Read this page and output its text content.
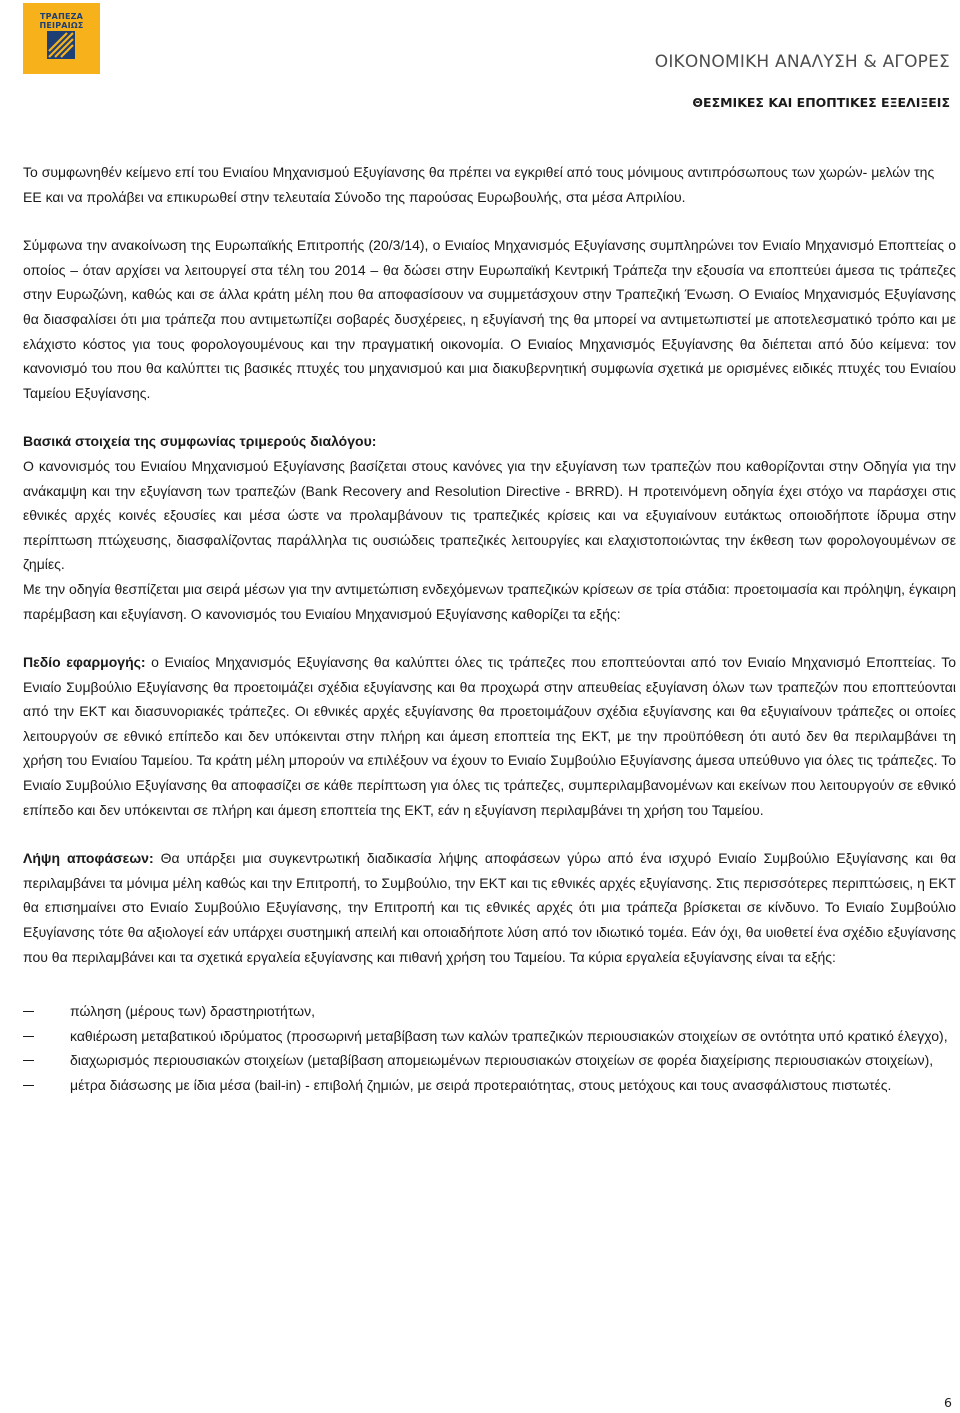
ΤΡΑΠΕΖΑ ΠΕΙΡΑΙΩΣ
ΟΙΚΟΝΟΜΙΚΗ ΑΝΑΛΥΣΗ & ΑΓΟΡΕΣ
ΘΕΣΜΙΚΕΣ ΚΑΙ ΕΠΟΠΤΙΚΕΣ ΕΞΕΛΙΞΕΙΣ

Το συμφωνηθέν κείμενο επί του Ενιαίου Μηχανισμού Εξυγίανσης θα πρέπει να εγκριθεί από τους μόνιμους αντιπρόσωπους των χωρών- μελών της ΕΕ και να προλάβει να επικυρωθεί στην τελευταία Σύνοδο της παρούσας Ευρωβουλής, στα μέσα Απριλίου.

Σύμφωνα την ανακοίνωση της Ευρωπαϊκής Επιτροπής (20/3/14), ο Ενιαίος Μηχανισμός Εξυγίανσης συμπληρώνει τον Ενιαίο Μηχανισμό Εποπτείας ο οποίος – όταν αρχίσει να λειτουργεί στα τέλη του 2014 – θα δώσει στην Ευρωπαϊκή Κεντρική Τράπεζα την εξουσία να εποπτεύει άμεσα τις τράπεζες στην Ευρωζώνη, καθώς και σε άλλα κράτη μέλη που θα αποφασίσουν να συμμετάσχουν στην Τραπεζική Ένωση. Ο Ενιαίος Μηχανισμός Εξυγίανσης θα διασφαλίσει ότι μια τράπεζα που αντιμετωπίζει σοβαρές δυσχέρειες, η εξυγίανσή της θα μπορεί να αντιμετωπιστεί με αποτελεσματικό τρόπο και με ελάχιστο κόστος για τους φορολογουμένους και την πραγματική οικονομία. Ο Ενιαίος Μηχανισμός Εξυγίανσης θα διέπεται από δύο κείμενα: τον κανονισμό του που θα καλύπτει τις βασικές πτυχές του μηχανισμού και μια διακυβερνητική συμφωνία σχετικά με ορισμένες ειδικές πτυχές του Ενιαίου Ταμείου Εξυγίανσης.

Βασικά στοιχεία της συμφωνίας τριμερούς διαλόγου:

Ο κανονισμός του Ενιαίου Μηχανισμού Εξυγίανσης βασίζεται στους κανόνες για την εξυγίανση των τραπεζών που καθορίζονται στην Οδηγία για την ανάκαμψη και την εξυγίανση των τραπεζών (Bank Recovery and Resolution Directive - BRRD). Η προτεινόμενη οδηγία έχει στόχο να παράσχει στις εθνικές αρχές κοινές εξουσίες και μέσα ώστε να προλαμβάνουν τις τραπεζικές κρίσεις και να εξυγιαίνουν ευτάκτως οποιοδήποτε ίδρυμα στην περίπτωση πτώχευσης, διασφαλίζοντας παράλληλα τις ουσιώδεις τραπεζικές λειτουργίες και ελαχιστοποιώντας την έκθεση των φορολογουμένων σε ζημίες.

Με την οδηγία θεσπίζεται μια σειρά μέσων για την αντιμετώπιση ενδεχόμενων τραπεζικών κρίσεων σε τρία στάδια: προετοιμασία και πρόληψη, έγκαιρη παρέμβαση και εξυγίανση. Ο κανονισμός του Ενιαίου Μηχανισμού Εξυγίανσης καθορίζει τα εξής:

Πεδίο εφαρμογής: ο Ενιαίος Μηχανισμός Εξυγίανσης θα καλύπτει όλες τις τράπεζες που εποπτεύονται από τον Ενιαίο Μηχανισμό Εποπτείας. Το Ενιαίο Συμβούλιο Εξυγίανσης θα προετοιμάζει σχέδια εξυγίανσης και θα προχωρά στην απευθείας εξυγίανση όλων των τραπεζών που εποπτεύονται από την ΕΚΤ και διασυνοριακές τράπεζες. Οι εθνικές αρχές εξυγίανσης θα προετοιμάζουν σχέδια εξυγίανσης και θα εξυγιαίνουν τράπεζες οι οποίες λειτουργούν σε εθνικό επίπεδο και δεν υπόκεινται στην πλήρη και άμεση εποπτεία της ΕΚΤ, με την προϋπόθεση ότι αυτό δεν θα περιλαμβάνει τη χρήση του Ενιαίου Ταμείου. Τα κράτη μέλη μπορούν να επιλέξουν να έχουν το Ενιαίο Συμβούλιο Εξυγίανσης άμεσα υπεύθυνο για όλες τις τράπεζες. Το Ενιαίο Συμβούλιο Εξυγίανσης θα αποφασίζει σε κάθε περίπτωση για όλες τις τράπεζες, συμπεριλαμβανομένων και εκείνων που λειτουργούν σε εθνικό επίπεδο και δεν υπόκεινται σε πλήρη και άμεση εποπτεία της ΕΚΤ, εάν η εξυγίανση περιλαμβάνει τη χρήση του Ταμείου.

Λήψη αποφάσεων: Θα υπάρξει μια συγκεντρωτική διαδικασία λήψης αποφάσεων γύρω από ένα ισχυρό Ενιαίο Συμβούλιο Εξυγίανσης και θα περιλαμβάνει τα μόνιμα μέλη καθώς και την Επιτροπή, το Συμβούλιο, την ΕΚΤ και τις εθνικές αρχές εξυγίανσης. Στις περισσότερες περιπτώσεις, η ΕΚΤ θα επισημαίνει στο Ενιαίο Συμβούλιο Εξυγίανσης, την Επιτροπή και τις εθνικές αρχές ότι μια τράπεζα βρίσκεται σε κίνδυνο. Το Ενιαίο Συμβούλιο Εξυγίανσης τότε θα αξιολογεί εάν υπάρχει συστημική απειλή και οποιαδήποτε λύση από τον ιδιωτικό τομέα. Εάν όχι, θα υιοθετεί ένα σχέδιο εξυγίανσης που θα περιλαμβάνει και τα σχετικά εργαλεία εξυγίανσης και πιθανή χρήση του Ταμείου. Τα κύρια εργαλεία εξυγίανσης είναι τα εξής:

πώληση (μέρους των) δραστηριοτήτων,
καθιέρωση μεταβατικού ιδρύματος (προσωρινή μεταβίβαση των καλών τραπεζικών περιουσιακών στοιχείων σε οντότητα υπό κρατικό έλεγχο),
διαχωρισμός περιουσιακών στοιχείων (μεταβίβαση απομειωμένων περιουσιακών στοιχείων σε φορέα διαχείρισης περιουσιακών στοιχείων),
μέτρα διάσωσης με ίδια μέσα (bail-in) - επιβολή ζημιών, με σειρά προτεραιότητας, στους μετόχους και τους ανασφάλιστους πιστωτές.
6
